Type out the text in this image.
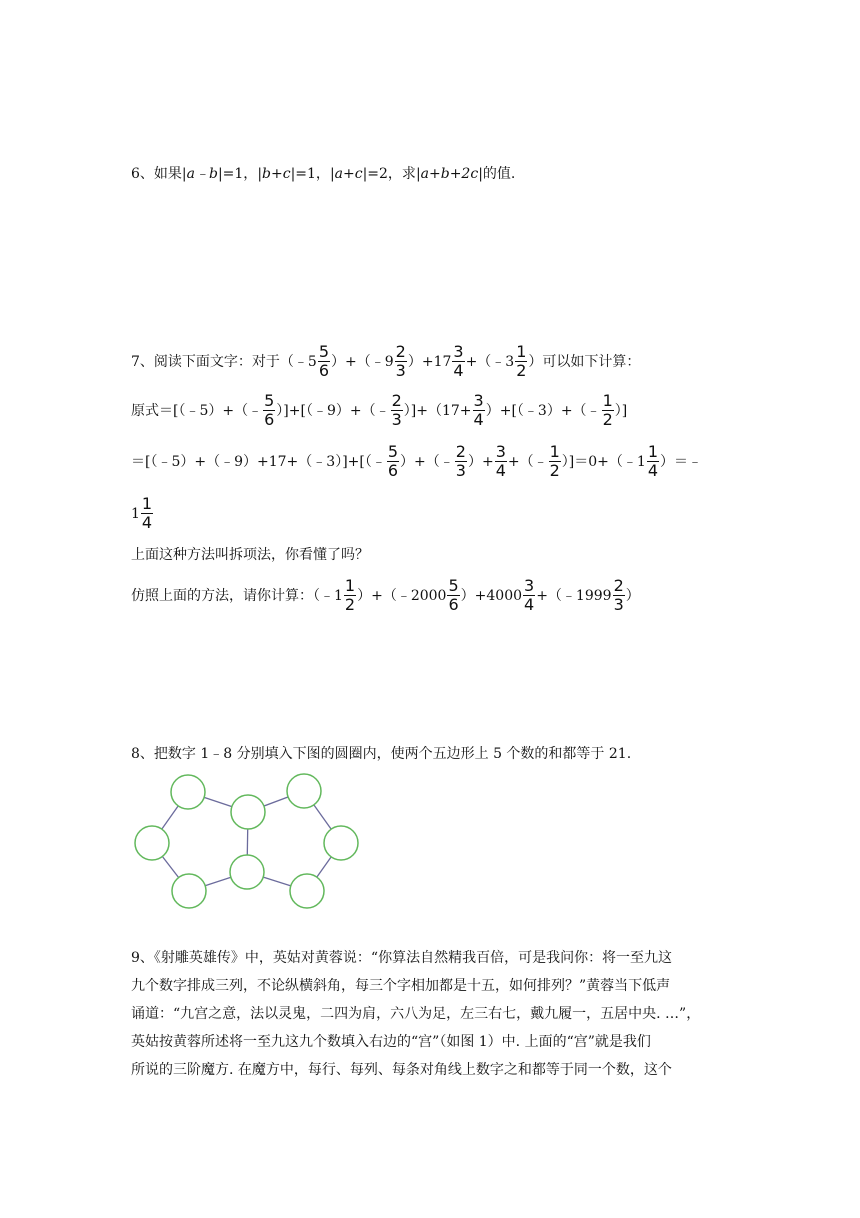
6、如果|a﹣b|=1，|b+c|=1，|a+c|=2，求|a+b+2c|的值.
7、阅读下面文字：对于（﹣5 $\frac{5}{6}$ ）+（﹣9 $\frac{2}{3} )+17 \frac{3}{4}$ +（﹣3 $\frac{1}{2}$ ）可以如下计算：
原式＝[（﹣5）+（﹣ $\frac{5}{6}$ ）]+[（﹣9）+（﹣ $\frac{2}{3} )]+(17+ \frac{3}{4}$ ）+[（﹣3）+（﹣ $\frac{1}{2}$ ）]
＝[（﹣5）+（﹣9）+17+（﹣3）]+[（﹣ $\frac{5}{6}$ ）+（﹣ $\frac{2}{3}$ ）+ $\frac{3}{4}$ +（﹣ $\frac{1}{2}$ ）]＝0+（﹣1 $\frac{1}{4}$ ）＝﹣
$1 \frac{1}{4}$
上面这种方法叫拆项法，你看懂了吗？
仿照上面的方法，请你计算：（﹣1 $\frac{1}{2}$ ）+（﹣2000 $\frac{5}{6} )+4000 \frac{3}{4}$ +（﹣1999 $\frac{2}{3}$ ）
8、把数字 1﹣8 分别填入下图的圆圈内，使两个五边形上 5 个数的和都等于 21.
9、《射雕英雄传》中，英姑对黄蓉说：“你算法自然精我百倍，可是我问你：将一至九这
九个数字排成三列，不论纵横斜角，每三个字相加都是十五，如何排列？”黄蓉当下低声
诵道：“九宫之意，法以灵鬼，二四为肩，六八为足，左三右七，戴九履一，五居中央. …”，
英姑按黄蓉所述将一至九这九个数填入右边的“宫”（如图 1）中. 上面的“宫”就是我们
所说的三阶魔方. 在魔方中，每行、每列、每条对角线上数字之和都等于同一个数，这个
